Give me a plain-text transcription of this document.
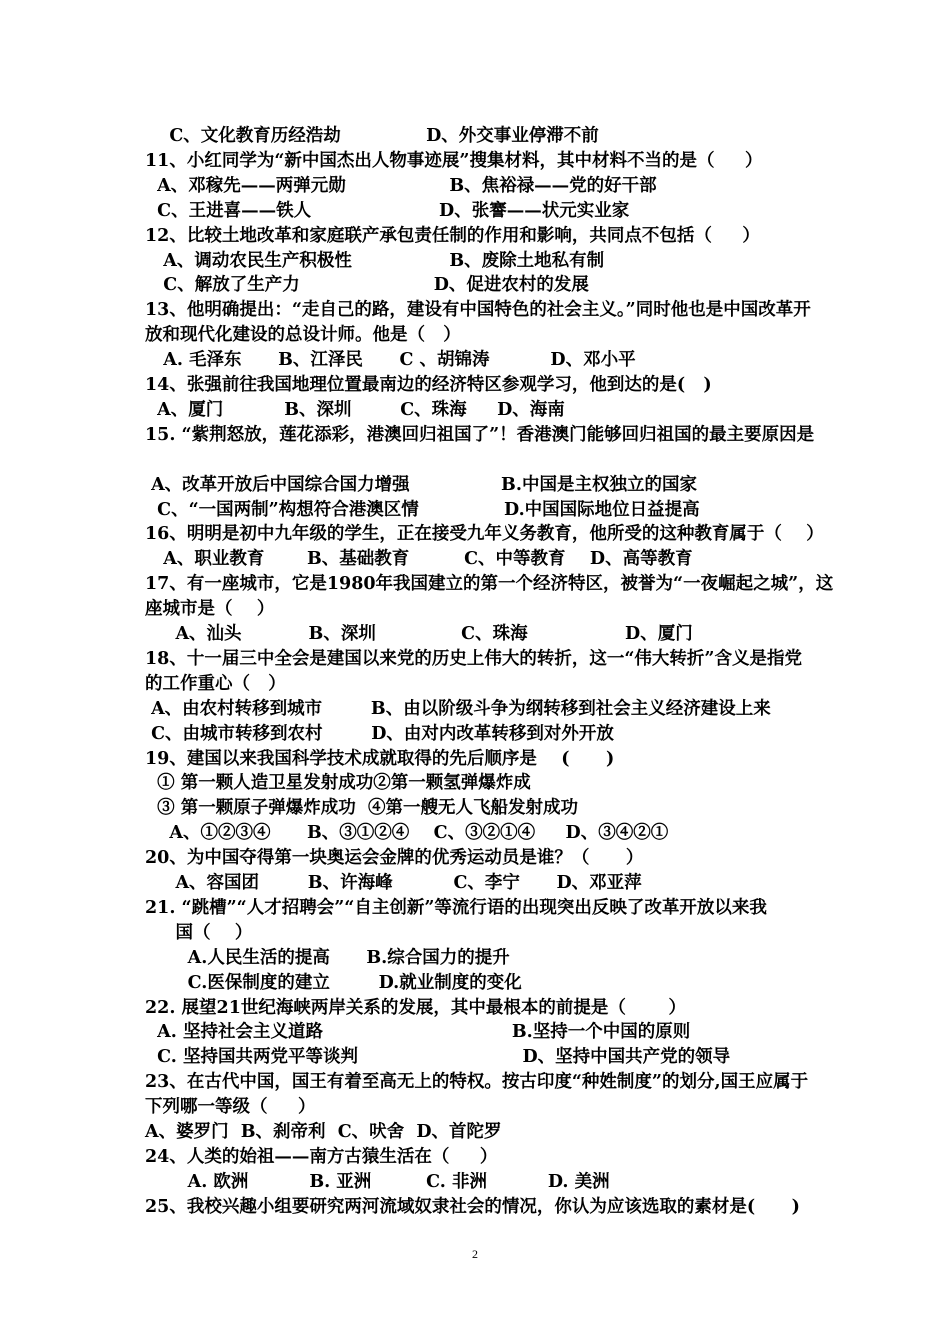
C、文化教育历经浩劫              D、外交事业停滞不前
11、小红同学为“新中国杰出人物事迹展”搜集材料，其中材料不当的是（     ）
A、邓稼先——两弹元勋                 B、焦裕禄——党的好干部
C、王进喜——铁人                     D、张謇——状元实业家
12、比较土地改革和家庭联产承包责任制的作用和影响，共同点不包括（     ）
A、调动农民生产积极性                B、废除土地私有制
C、解放了生产力                      D、促进农村的发展
13、他明确提出：“走自己的路，建设有中国特色的社会主义。”同时他也是中国改革开
放和现代化建设的总设计师。他是（   ）
A. 毛泽东      B、江泽民      C 、胡锦涛          D、邓小平
14、张强前往我国地理位置最南边的经济特区参观学习，他到达的是(   )
A、厦门          B、深圳        C、珠海     D、海南
15. “紫荆怒放，莲花添彩，港澳回归祖国了”！香港澳门能够回归祖国的最主要原因是
A、改革开放后中国综合国力增强               B.中国是主权独立的国家
C、“一国两制”构想符合港澳区情              D.中国国际地位日益提高
16、明明是初中九年级的学生，正在接受九年义务教育，他所受的这种教育属于（    ）
A、职业教育       B、基础教育         C、中等教育    D、高等教育
17、有一座城市，它是1980年我国建立的第一个经济特区，被誉为“一夜崛起之城”，这
座城市是（    ）
A、汕头           B、深圳              C、珠海                D、厦门
18、十一届三中全会是建国以来党的历史上伟大的转折，这一“伟大转折”含义是指党
的工作重心（   ）
A、由农村转移到城市        B、由以阶级斗争为纲转移到社会主义经济建设上来
C、由城市转移到农村        D、由对内改革转移到对外开放
19、建国以来我国科学技术成就取得的先后顺序是    (      )
① 第一颗人造卫星发射成功②第一颗氢弹爆炸成
③ 第一颗原子弹爆炸成功  ④第一艘无人飞船发射成功
A、①②③④      B、③①②④    C、③②①④     D、③④②①
20、为中国夺得第一块奥运会金牌的优秀运动员是谁？（      ）
A、容国团        B、许海峰          C、李宁      D、邓亚萍
21. “跳槽”“人才招聘会”“自主创新”等流行语的出现突出反映了改革开放以来我
国（    ）
A.人民生活的提高      B.综合国力的提升
C.医保制度的建立        D.就业制度的变化
22. 展望21世纪海峡两岸关系的发展，其中最根本的前提是（       ）
A. 坚持社会主义道路                               B.坚持一个中国的原则
C. 坚持国共两党平等谈判                           D、坚持中国共产党的领导
23、在古代中国，国王有着至高无上的特权。按古印度“种姓制度”的划分,国王应属于
下列哪一等级（     ）
A、婆罗门  B、刹帝利  C、吠舍  D、首陀罗
24、人类的始祖——南方古猿生活在（     ）
A. 欧洲          B. 亚洲         C. 非洲          D. 美洲
25、我校兴趣小组要研究两河流域奴隶社会的情况，你认为应该选取的素材是(      )
2
